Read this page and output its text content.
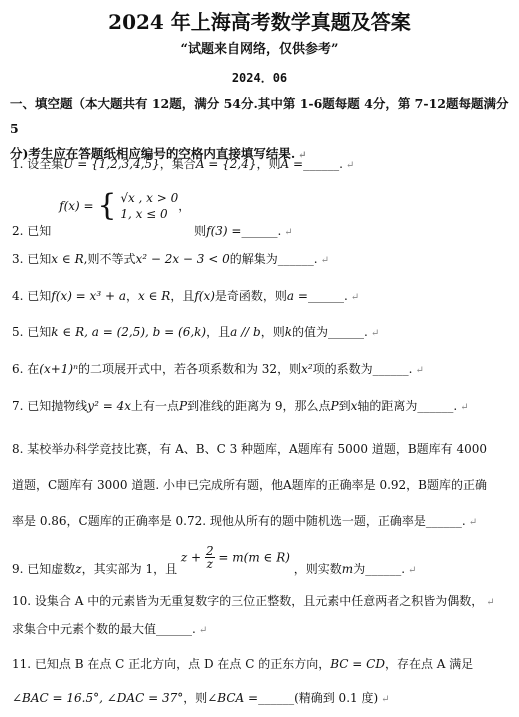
2024 年上海高考数学真题及答案
“试题来自网络，仅供参考”
2024．06
一、填空题（本大题共有 12题，满分 54分.其中第 1-6题每题 4分，第 7-12题每题满分 5
分)考生应在答题纸相应编号的空格内直接填写结果. ↵
1. 设全集U = {1,2,3,4,5}，集合A = {2,4}，则Ā =______. ↵
2. 已知 f(x) = { √x , x > 0
1, x ≤ 0
， 则f(3) =______. $_↵$
3. 已知x ∈ R,则不等式x² − 2x − 3 < 0的解集为______. ↵
4. 已知f(x) = x³ + a，x ∈ R，且f(x)是奇函数，则a =______. ↵
5. 已知k ∈ R, a = (2,5), b = (6,k)，且a // b，则k的值为______. ↵
6. 在(x+1)ⁿ的二项展开式中，若各项系数和为 32，则x²项的系数为______. ↵
7. 已知抛物线y² = 4x上有一点P到准线的距离为 9，那么点P到x轴的距离为______. ↵
8. 某校举办科学竞技比赛，有 A、B、C 3 种题库，A题库有 5000 道题，B题库有 4000
道题，C题库有 3000 道题. 小申已完成所有题，他A题库的正确率是 0.92，B题库的正确
率是 0.86，C题库的正确率是 0.72. 现他从所有的题中随机选一题，正确率是______. ↵
9. 已知虚数z，其实部为 1，且 $z + \frac{2}{z} = m(m$ ∈ R) ，则实数m为______. $_↵$
10. 设集合 A 中的元素皆为无重复数字的三位正整数，且元素中任意两者之积皆为偶数， ↵
求集合中元素个数的最大值______. ↵
11. 已知点 B 在点 C 正北方向，点 D 在点 C 的正东方向，BC = CD，存在点 A 满足
∠BAC = 16.5°, ∠DAC = 37°，则∠BCA =______(精确到 0.1 度) ↵
